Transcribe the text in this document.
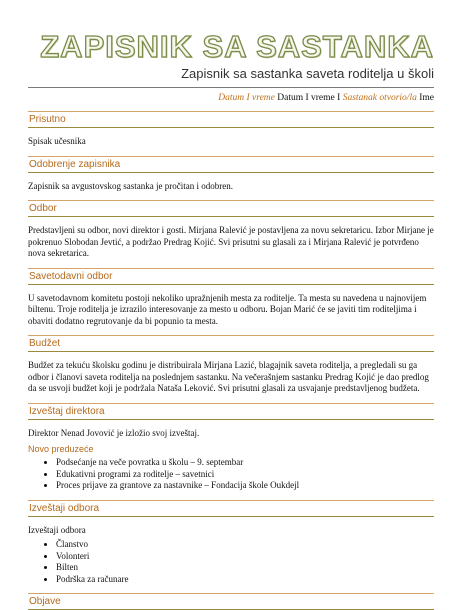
ZAPISNIK SA SASTANKA
Zapisnik sa sastanka saveta roditelja u školi
Datum I vreme Datum I vreme I Sastanak otvorio/la Ime
Prisutno

Spisak učesnika

Odobrenje zapisnika

Zapisnik sa avgustovskog sastanka je pročitan i odobren.

Odbor

Predstavljeni su odbor, novi direktor i gosti. Mirjana Ralević je postavljena za novu sekretaricu. Izbor Mirjane je pokrenuo Slobodan Jevtić, a podržao Predrag Kojić. Svi prisutni su glasali za i Mirjana Ralević je potvrđeno nova sekretarica.

Savetodavni odbor

U savetodavnom komitetu postoji nekoliko upražnjenih mesta za roditelje. Ta mesta su navedena u najnovijem biltenu. Troje roditelja je izrazilo interesovanje za mesto u odboru. Bojan Marić će se javiti tim roditeljima i obaviti dodatno regrutovanje da bi popunio ta mesta.

Budžet

Budžet za tekuću školsku godinu je distribuirala Mirjana Lazić, blagajnik saveta roditelja, a pregledali su ga odbor i članovi saveta roditelja na poslednjem sastanku. Na večerašnjem sastanku Predrag Kojić je dao predlog da se usvoji budžet koji je podržala Nataša Leković. Svi prisutni glasali za usvajanje predstavljenog budžeta.

Izveštaj direktora

Direktor Nenad Jovović je izložio svoj izveštaj.

Novo preduzeće
• Podsećanje na veče povratka u školu – 9. septembar
• Edukativni programi za roditelje – savetnici
• Proces prijave za grantove za nastavnike – Fondacija škole Oukdejl
Izveštaji odbora

Izveštaji odbora

• Članstvo
• Volonteri
• Bilten
• Podrška za računare
Objave
